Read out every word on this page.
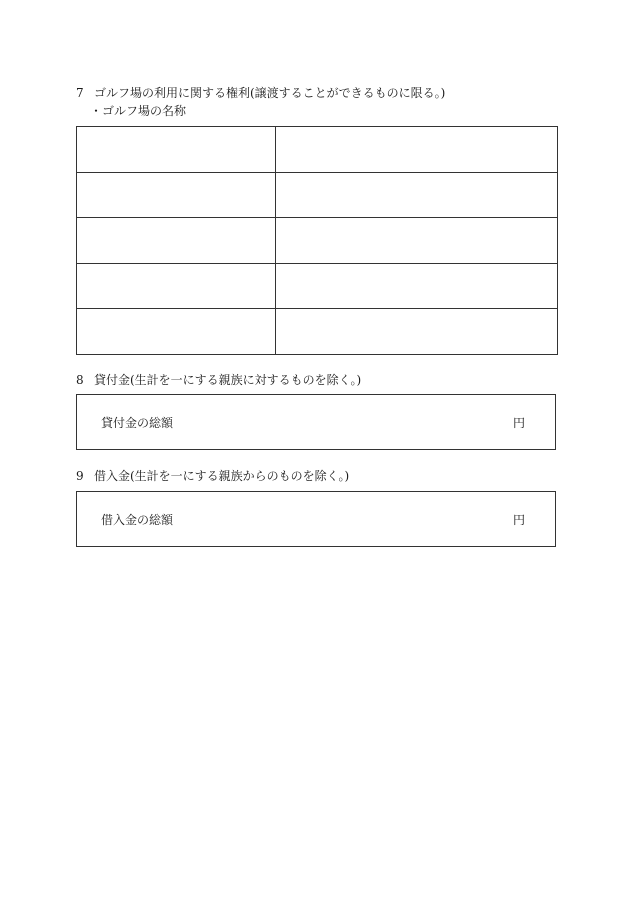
7 ゴルフ場の利用に関する権利(譲渡することができるものに限る。)
・ゴルフ場の名称

8 貸付金(生計を一にする親族に対するものを除く。)
貸付金の総額	円
9 借入金(生計を一にする親族からのものを除く。)
借入金の総額	円
